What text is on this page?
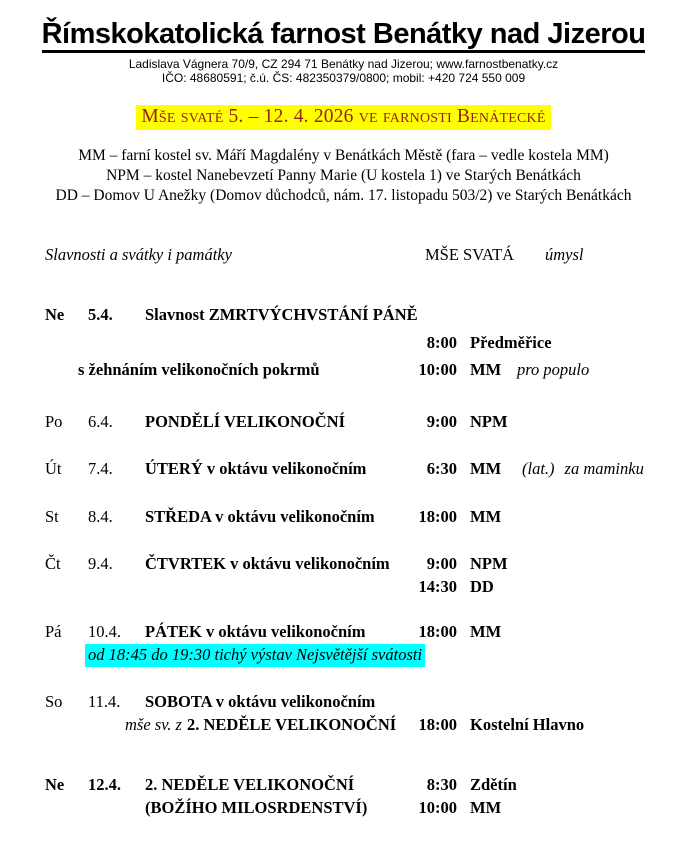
Římskokatolická farnost Benátky nad Jizerou
Ladislava Vágnera 70/9, CZ 294 71 Benátky nad Jizerou; www.farnostbenatky.cz
IČO: 48680591; č.ú. ČS: 482350379/0800; mobil: +420 724 550 009
Mše svaté 5. – 12. 4. 2026 ve farnosti Benátecké
MM – farní kostel sv. Máří Magdalény v Benátkách Městě (fara – vedle kostela MM)
NPM – kostel Nanebevzetí Panny Marie (U kostela 1) ve Starých Benátkách
DD – Domov U Anežky (Domov důchodců, nám. 17. listopadu 503/2) ve Starých Benátkách
Slavnosti a svátky i památky	MŠE SVATÁ	úmysl
Ne	5.4.	Slavnost ZMRTVÝCHVSTÁNÍ PÁNĚ
8:00 Předměřice
s žehnáním velikonočních pokrmů	10:00 MM pro populo
Po	6.4.	PONDĚLÍ VELIKONOČNÍ	9:00 NPM
Út	7.4.	ÚTERÝ v oktávu velikonočním	6:30 MM	(lat.) za maminku
St	8.4.	STŘEDA v oktávu velikonočním	18:00 MM
Čt	9.4.	ČTVRTEK v oktávu velikonočním	9:00 NPM
14:30 DD
Pá	10.4.	PÁTEK v oktávu velikonočním	18:00 MM
od 18:45 do 19:30 tichý výstav Nejsvětější svátosti
So	11.4.	SOBOTA v oktávu velikonočním
mše sv. z 2. NEDĚLE VELIKONOČNÍ	18:00 Kostelní Hlavno
Ne	12.4.	2. NEDĚLE VELIKONOČNÍ	8:30 Zdětín
(BOŽÍHO MILOSRDENSTVÍ)	10:00 MM
